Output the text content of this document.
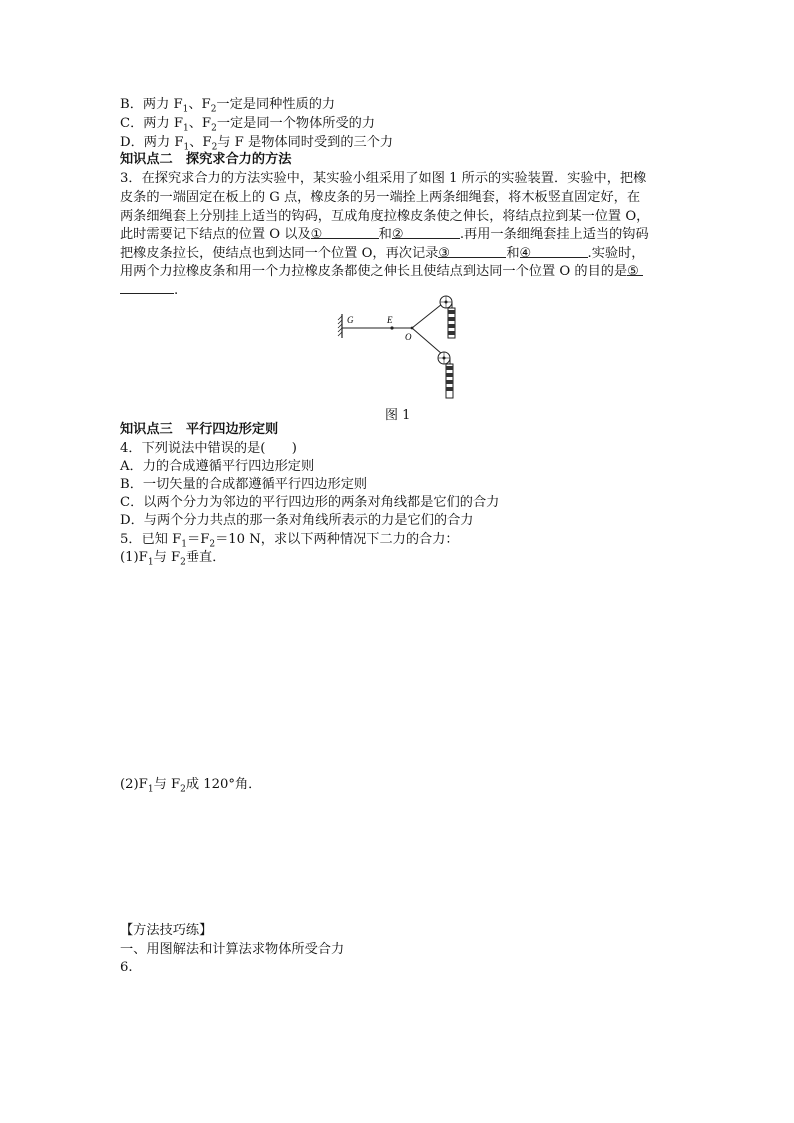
B．两力 $F_1$、$F_2$一定是同种性质的力
C．两力 $F_1$、$F_2$一定是同一个物体所受的力
D．两力 $F_1$、$F_2$与 F 是物体同时受到的三个力
知识点二　探究求合力的方法
3．在探究求合力的方法实验中，某实验小组采用了如图 1 所示的实验装置．实验中，把橡
皮条的一端固定在板上的 G 点，橡皮条的另一端拴上两条细绳套，将木板竖直固定好，在
两条细绳套上分别挂上适当的钩码，互成角度拉橡皮条使之伸长，将结点拉到某一位置 O，
此时需要记下结点的位置 O 以及①	和②	.再用一条细绳套挂上适当的钩码
把橡皮条拉长，使结点也到达同一个位置 O，再次记录③	和④	.实验时，
用两个力拉橡皮条和用一个力拉橡皮条都使之伸长且使结点到达同一个位置 O 的目的是⑤
.
G	E
O
图 1
知识点三　平行四边形定则
4．下列说法中错误的是(　　)
A．力的合成遵循平行四边形定则
B．一切矢量的合成都遵循平行四边形定则
C．以两个分力为邻边的平行四边形的两条对角线都是它们的合力
D．与两个分力共点的那一条对角线所表示的力是它们的合力
5．已知 $F_1=F_2=10$ N，求以下两种情况下二力的合力：
$(1)F_1$与 $F_2$垂直．
$(2)F_1$与 $F_2$成 120°角．
【方法技巧练】
一、用图解法和计算法求物体所受合力
6.
